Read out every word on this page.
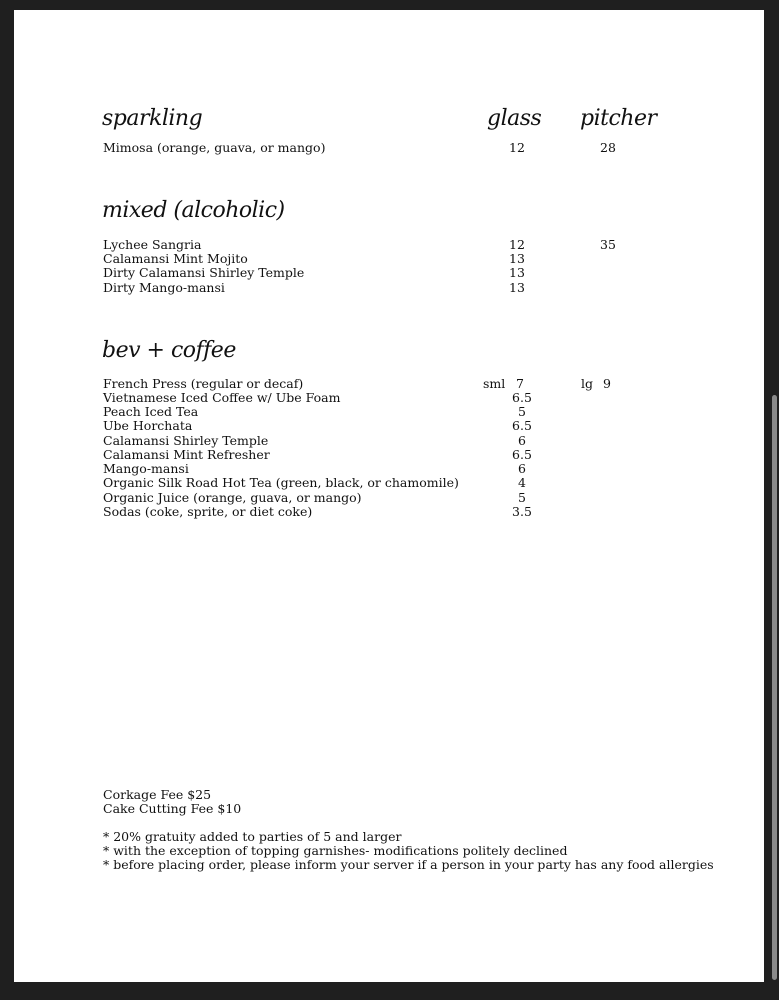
sparkling	glass pitcher
Mimosa (orange, guava, or mango)	12	28
mixed (alcoholic)
Lychee Sangria	12	35
Calamansi Mint Mojito	13
Dirty Calamansi Shirley Temple	13
Dirty Mango-mansi	13
bev + coffee
French Press (regular or decaf)	sml 7	lg 9
Vietnamese Iced Coffee w/ Ube Foam	6.5
Peach Iced Tea	5
Ube Horchata	6.5
Calamansi Shirley Temple	6
Calamansi Mint Refresher	6.5
Mango-mansi	6
Organic Silk Road Hot Tea (green, black, or chamomile)	4
Organic Juice (orange, guava, or mango)	5
Sodas (coke, sprite, or diet coke)	3.5
Corkage Fee $25
Cake Cutting Fee $10
* 20% gratuity added to parties of 5 and larger
* with the exception of topping garnishes- modifications politely declined
* before placing order, please inform your server if a person in your party has any food allergies
